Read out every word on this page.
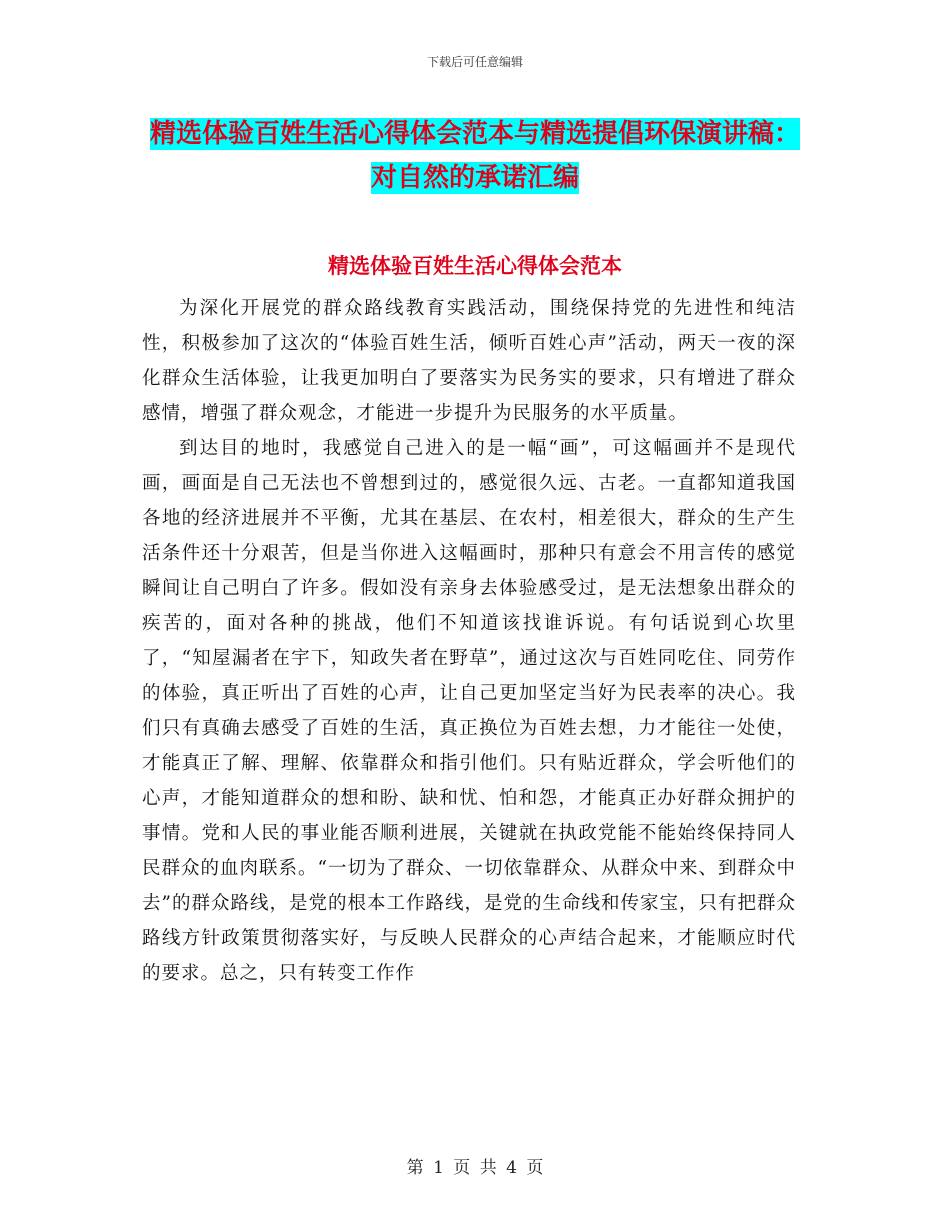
下载后可任意编辑
精选体验百姓生活心得体会范本与精选提倡环保演讲稿：对自然的承诺汇编
精选体验百姓生活心得体会范本

为深化开展党的群众路线教育实践活动，围绕保持党的先进性和纯洁性，积极参加了这次的“体验百姓生活，倾听百姓心声”活动，两天一夜的深化群众生活体验，让我更加明白了要落实为民务实的要求，只有增进了群众感情，增强了群众观念，才能进一步提升为民服务的水平质量。

到达目的地时，我感觉自己进入的是一幅“画”，可这幅画并不是现代画，画面是自己无法也不曾想到过的，感觉很久远、古老。一直都知道我国各地的经济进展并不平衡，尤其在基层、在农村，相差很大，群众的生产生活条件还十分艰苦，但是当你进入这幅画时，那种只有意会不用言传的感觉瞬间让自己明白了许多。假如没有亲身去体验感受过，是无法想象出群众的疾苦的，面对各种的挑战，他们不知道该找谁诉说。有句话说到心坎里了，“知屋漏者在宇下，知政失者在野草”，通过这次与百姓同吃住、同劳作的体验，真正听出了百姓的心声，让自己更加坚定当好为民表率的决心。我们只有真确去感受了百姓的生活，真正换位为百姓去想，力才能往一处使，才能真正了解、理解、依靠群众和指引他们。只有贴近群众，学会听他们的心声，才能知道群众的想和盼、缺和忧、怕和怨，才能真正办好群众拥护的事情。党和人民的事业能否顺利进展，关键就在执政党能不能始终保持同人民群众的血肉联系。“一切为了群众、一切依靠群众、从群众中来、到群众中去”的群众路线，是党的根本工作路线，是党的生命线和传家宝，只有把群众路线方针政策贯彻落实好，与反映人民群众的心声结合起来，才能顺应时代的要求。总之，只有转变工作作

第 1 页 共 4 页
